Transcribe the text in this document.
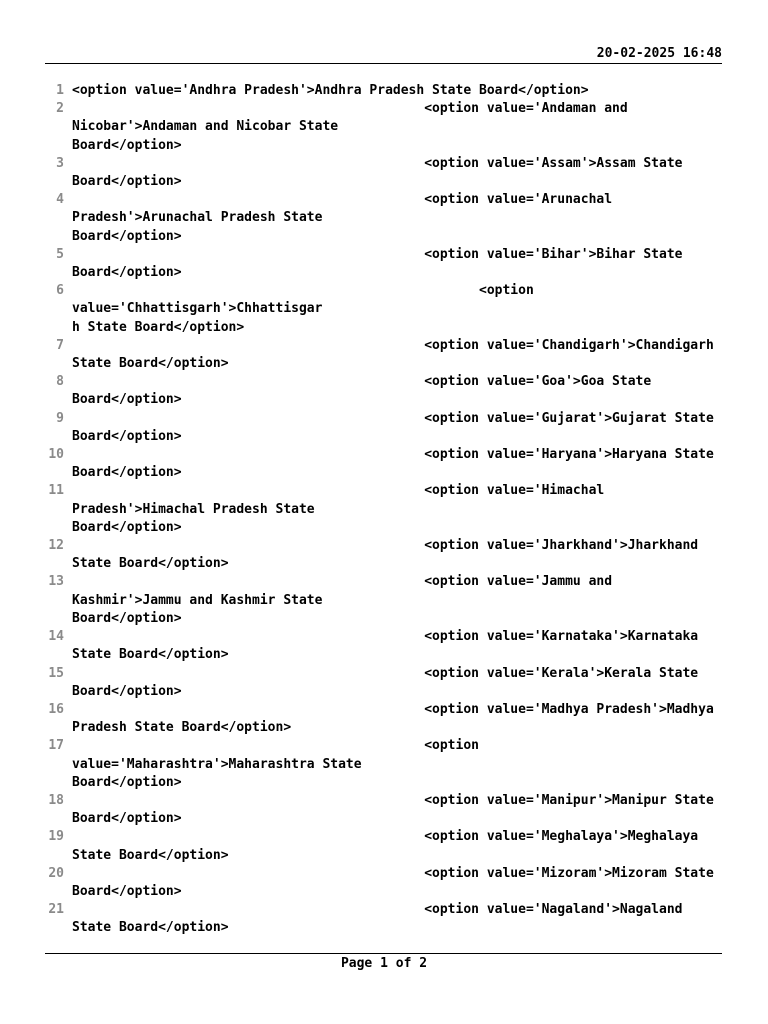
20-02-2025 16:48
1 <option value='Andhra Pradesh'>Andhra Pradesh State Board</option>
2	<option value='Andaman and
Nicobar'>Andaman and Nicobar State
Board</option>
3	<option value='Assam'>Assam State
Board</option>
4	<option value='Arunachal
Pradesh'>Arunachal Pradesh State
Board</option>
5	<option value='Bihar'>Bihar State
Board</option>
6	<option
value='Chhattisgarh'>Chhattisgar
h State Board</option>
7	<option value='Chandigarh'>Chandigarh
State Board</option>
8	<option value='Goa'>Goa State
Board</option>
9	<option value='Gujarat'>Gujarat State
Board</option>
10	<option value='Haryana'>Haryana State
Board</option>
11	<option value='Himachal
Pradesh'>Himachal Pradesh State
Board</option>
12	<option value='Jharkhand'>Jharkhand
State Board</option>
13	<option value='Jammu and
Kashmir'>Jammu and Kashmir State
Board</option>
14	<option value='Karnataka'>Karnataka
State Board</option>
15	<option value='Kerala'>Kerala State
Board</option>
16	<option value='Madhya Pradesh'>Madhya
Pradesh State Board</option>
17	<option
value='Maharashtra'>Maharashtra State
Board</option>
18	<option value='Manipur'>Manipur State
Board</option>
19	<option value='Meghalaya'>Meghalaya
State Board</option>
20	<option value='Mizoram'>Mizoram State
Board</option>
21	<option value='Nagaland'>Nagaland
State Board</option>
Page 1 of 2
